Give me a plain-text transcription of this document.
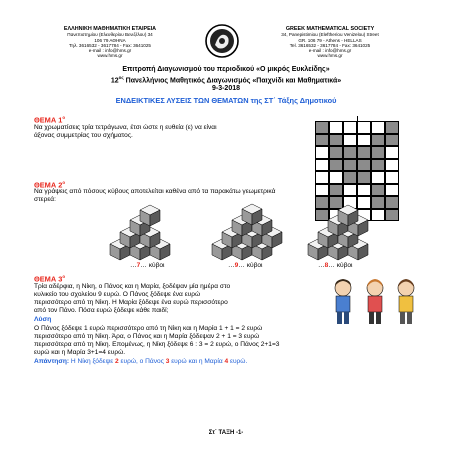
ΕΛΛΗΝΙΚΗ ΜΑΘΗΜΑΤΙΚΗ ΕΤΑΙΡΕΙΑ
Πανεπιστημίου (Ελευθερίου Βενιζέλου) 34
106 79 ΑΘΗΝΑ
Τηλ. 3616532 - 3617784 - Fax: 3641025
e-mail : info@hms.gr
www.hms.gr
GREEK MATHEMATICAL SOCIETY
34, Panepistimiou (Eleftheriou Venizelou) Street
GR. 106 79 - Athens - HELLAS
Tel. 3616532 - 3617784 - Fax: 3641025
e-mail : info@hms.gr
www.hms.gr
Επιτροπή Διαγωνισμού του περιοδικού «Ο μικρός Ευκλείδης»
$12^{o\varsigma}$ Πανελλήνιος Μαθητικός Διαγωνισμός «Παιχνίδι και Μαθηματικά»
9-3-2018
ΕΝΔΕΙΚΤΙΚΕΣ ΛΥΣΕΙΣ ΤΩΝ ΘΕΜΑΤΩΝ της ΣΤ΄ Τάξης Δημοτικού
ΘΕΜΑ $1^o$
Να χρωματίσεις τρία τετράγωνα, έτσι ώστε η ευθεία (ε) να είναι
άξονας συμμετρίας του σχήματος.
ΘΕΜΑ $2^o$
Να γράψεις από πόσους κύβους αποτελείται καθένα από τα παρακάτω γεωμετρικά
στερεά:
…7… κύβοι	…9… κύβοι	…8… κύβοι
ΘΕΜΑ $3^o$
Τρία αδέρφια, η Νίκη, ο Πάνος και η Μαρία, ξοδέψαν μία ημέρα στο
κυλικείο του σχολείου 9 ευρώ. Ο Πάνος ξόδεψε ένα ευρώ
περισσότερο από τη Νίκη. Η Μαρία ξόδεψε ένα ευρώ περισσότερο
από τον Πάνο. Πόσα ευρώ ξόδεψε κάθε παιδί;
Λύση
Ο Πάνος ξόδεψε 1 ευρώ περισσότερο από τη Νίκη και η Μαρία 1 + 1 = 2 ευρώ
περισσότερο από τη Νίκη. Άρα, ο Πάνος και η Μαρία ξόδεψαν 2 + 1 = 3 ευρώ
περισσότερα από τη Νίκη. Επομένως, η Νίκη ξόδεψε 6 : 3 = 2 ευρώ, ο Πάνος 2+1=3
ευρώ και η Μαρία 3+1=4 ευρώ.
Απάντηση: Η Νίκη ξόδεψε 2 ευρώ, ο Πάνος 3 ευρώ και η Μαρία 4 ευρώ.
Στ΄ ΤΑΞΗ -1-
